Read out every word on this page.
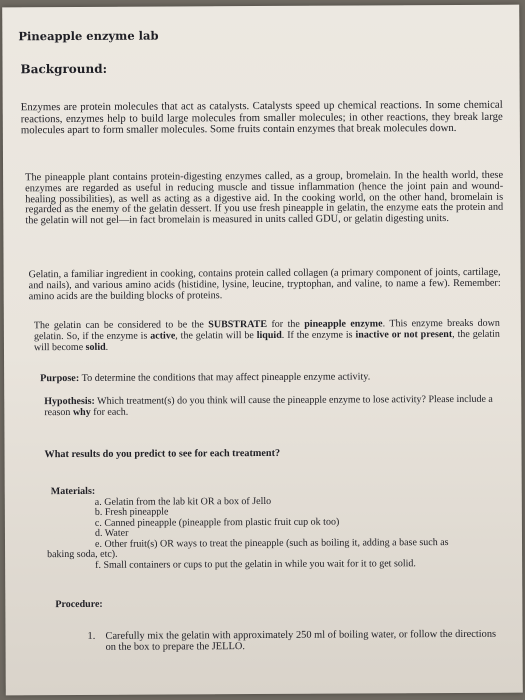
Pineapple enzyme lab
Background:
Enzymes are protein molecules that act as catalysts. Catalysts speed up chemical reactions. In some chemical reactions, enzymes help to build large molecules from smaller molecules; in other reactions, they break large molecules apart to form smaller molecules. Some fruits contain enzymes that break molecules down.
The pineapple plant contains protein-digesting enzymes called, as a group, bromelain. In the health world, these enzymes are regarded as useful in reducing muscle and tissue inflammation (hence the joint pain and wound-healing possibilities), as well as acting as a digestive aid. In the cooking world, on the other hand, bromelain is regarded as the enemy of the gelatin dessert. If you use fresh pineapple in gelatin, the enzyme eats the protein and the gelatin will not gel—in fact bromelain is measured in units called GDU, or gelatin digesting units.
Gelatin, a familiar ingredient in cooking, contains protein called collagen (a primary component of joints, cartilage, and nails), and various amino acids (histidine, lysine, leucine, tryptophan, and valine, to name a few). Remember: amino acids are the building blocks of proteins.
The gelatin can be considered to be the SUBSTRATE for the pineapple enzyme. This enzyme breaks down gelatin. So, if the enzyme is active, the gelatin will be liquid. If the enzyme is inactive or not present, the gelatin will become solid.
Purpose: To determine the conditions that may affect pineapple enzyme activity.
Hypothesis: Which treatment(s) do you think will cause the pineapple enzyme to lose activity? Please include a reason why for each.
What results do you predict to see for each treatment?
Materials:
a. Gelatin from the lab kit OR a box of Jello
b. Fresh pineapple
c. Canned pineapple (pineapple from plastic fruit cup ok too)
d. Water
e. Other fruit(s) OR ways to treat the pineapple (such as boiling it, adding a base such as
baking soda, etc).
f. Small containers or cups to put the gelatin in while you wait for it to get solid.
Procedure:
1. Carefully mix the gelatin with approximately 250 ml of boiling water, or follow the directions on the box to prepare the JELLO.
